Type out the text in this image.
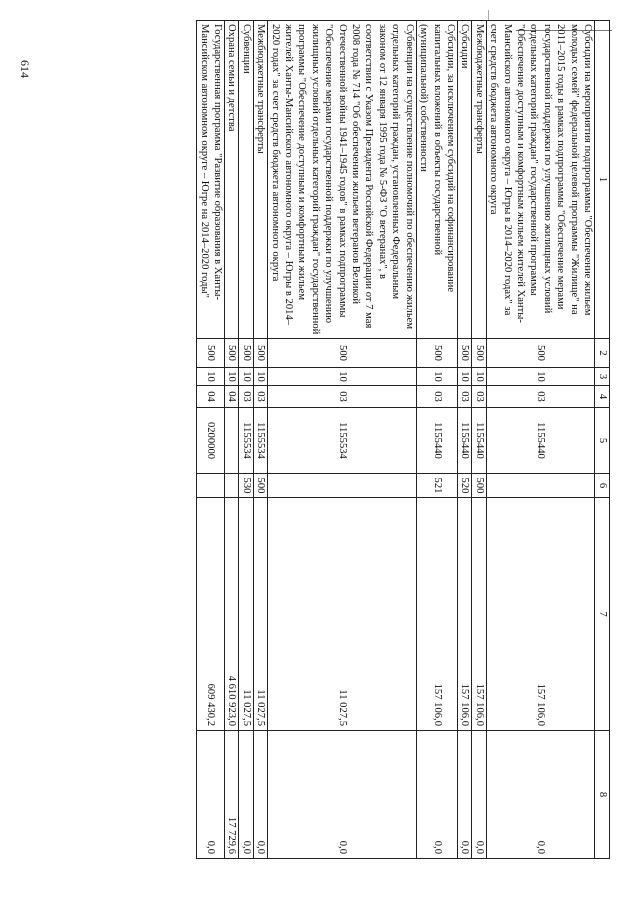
614
1	2	3	4	5	6	7	8
Субсидии на мероприятия подпрограммы "Обеспечение жильем молодых семей" федеральной целевой программы "Жилище" на 2011–2015 годы в рамках подпрограммы "Обеспечение мерами государственной поддержки по улучшению жилищных условий отдельных категорий граждан" государственной программы "Обеспечение доступным и комфортным жильем жителей Ханты-Мансийского автономного округа – Югры в 2014–2020 годах" за счет средств бюджета автономного округа	500	10	03	1155440		157 106,0	0,0
Межбюджетные трансферты	500	10	03	1155440	500	157 106,0	0,0
Субсидии	500	10	03	1155440	520	157 106,0	0,0
Субсидии, за исключением субсидий на софинансирование капитальных вложений в объекты государственной (муниципальной) собственности	500	10	03	1155440	521	157 106,0	0,0
Субвенции на осуществление полномочий по обеспечению жильем отдельных категорий граждан, установленных Федеральным законом от 12 января 1995 года № 5-ФЗ "О ветеранах", в соответствии с Указом Президента Российской Федерации от 7 мая 2008 года № 714 "Об обеспечении жильем ветеранов Великой Отечественной войны 1941–1945 годов" в рамках подпрограммы "Обеспечение мерами государственной поддержки по улучшению жилищных условий отдельных категорий граждан" государственной программы "Обеспечение доступным и комфортным жильем жителей Ханты-Мансийского автономного округа – Югры в 2014–2020 годах" за счет средств бюджета автономного округа	500	10	03	1155534		11 027,5	0,0
Межбюджетные трансферты	500	10	03	1155534	500	11 027,5	0,0
Субвенции	500	10	03	1155534	530	11 027,5	0,0
Охрана семьи и детства	500	10	04			4 610 923,0	17 729,6
Государственная программа "Развитие образования в Ханты-Мансийском автономном округе – Югре на 2014–2020 годы"	500	10	04	0200000		609 430,2	0,0
